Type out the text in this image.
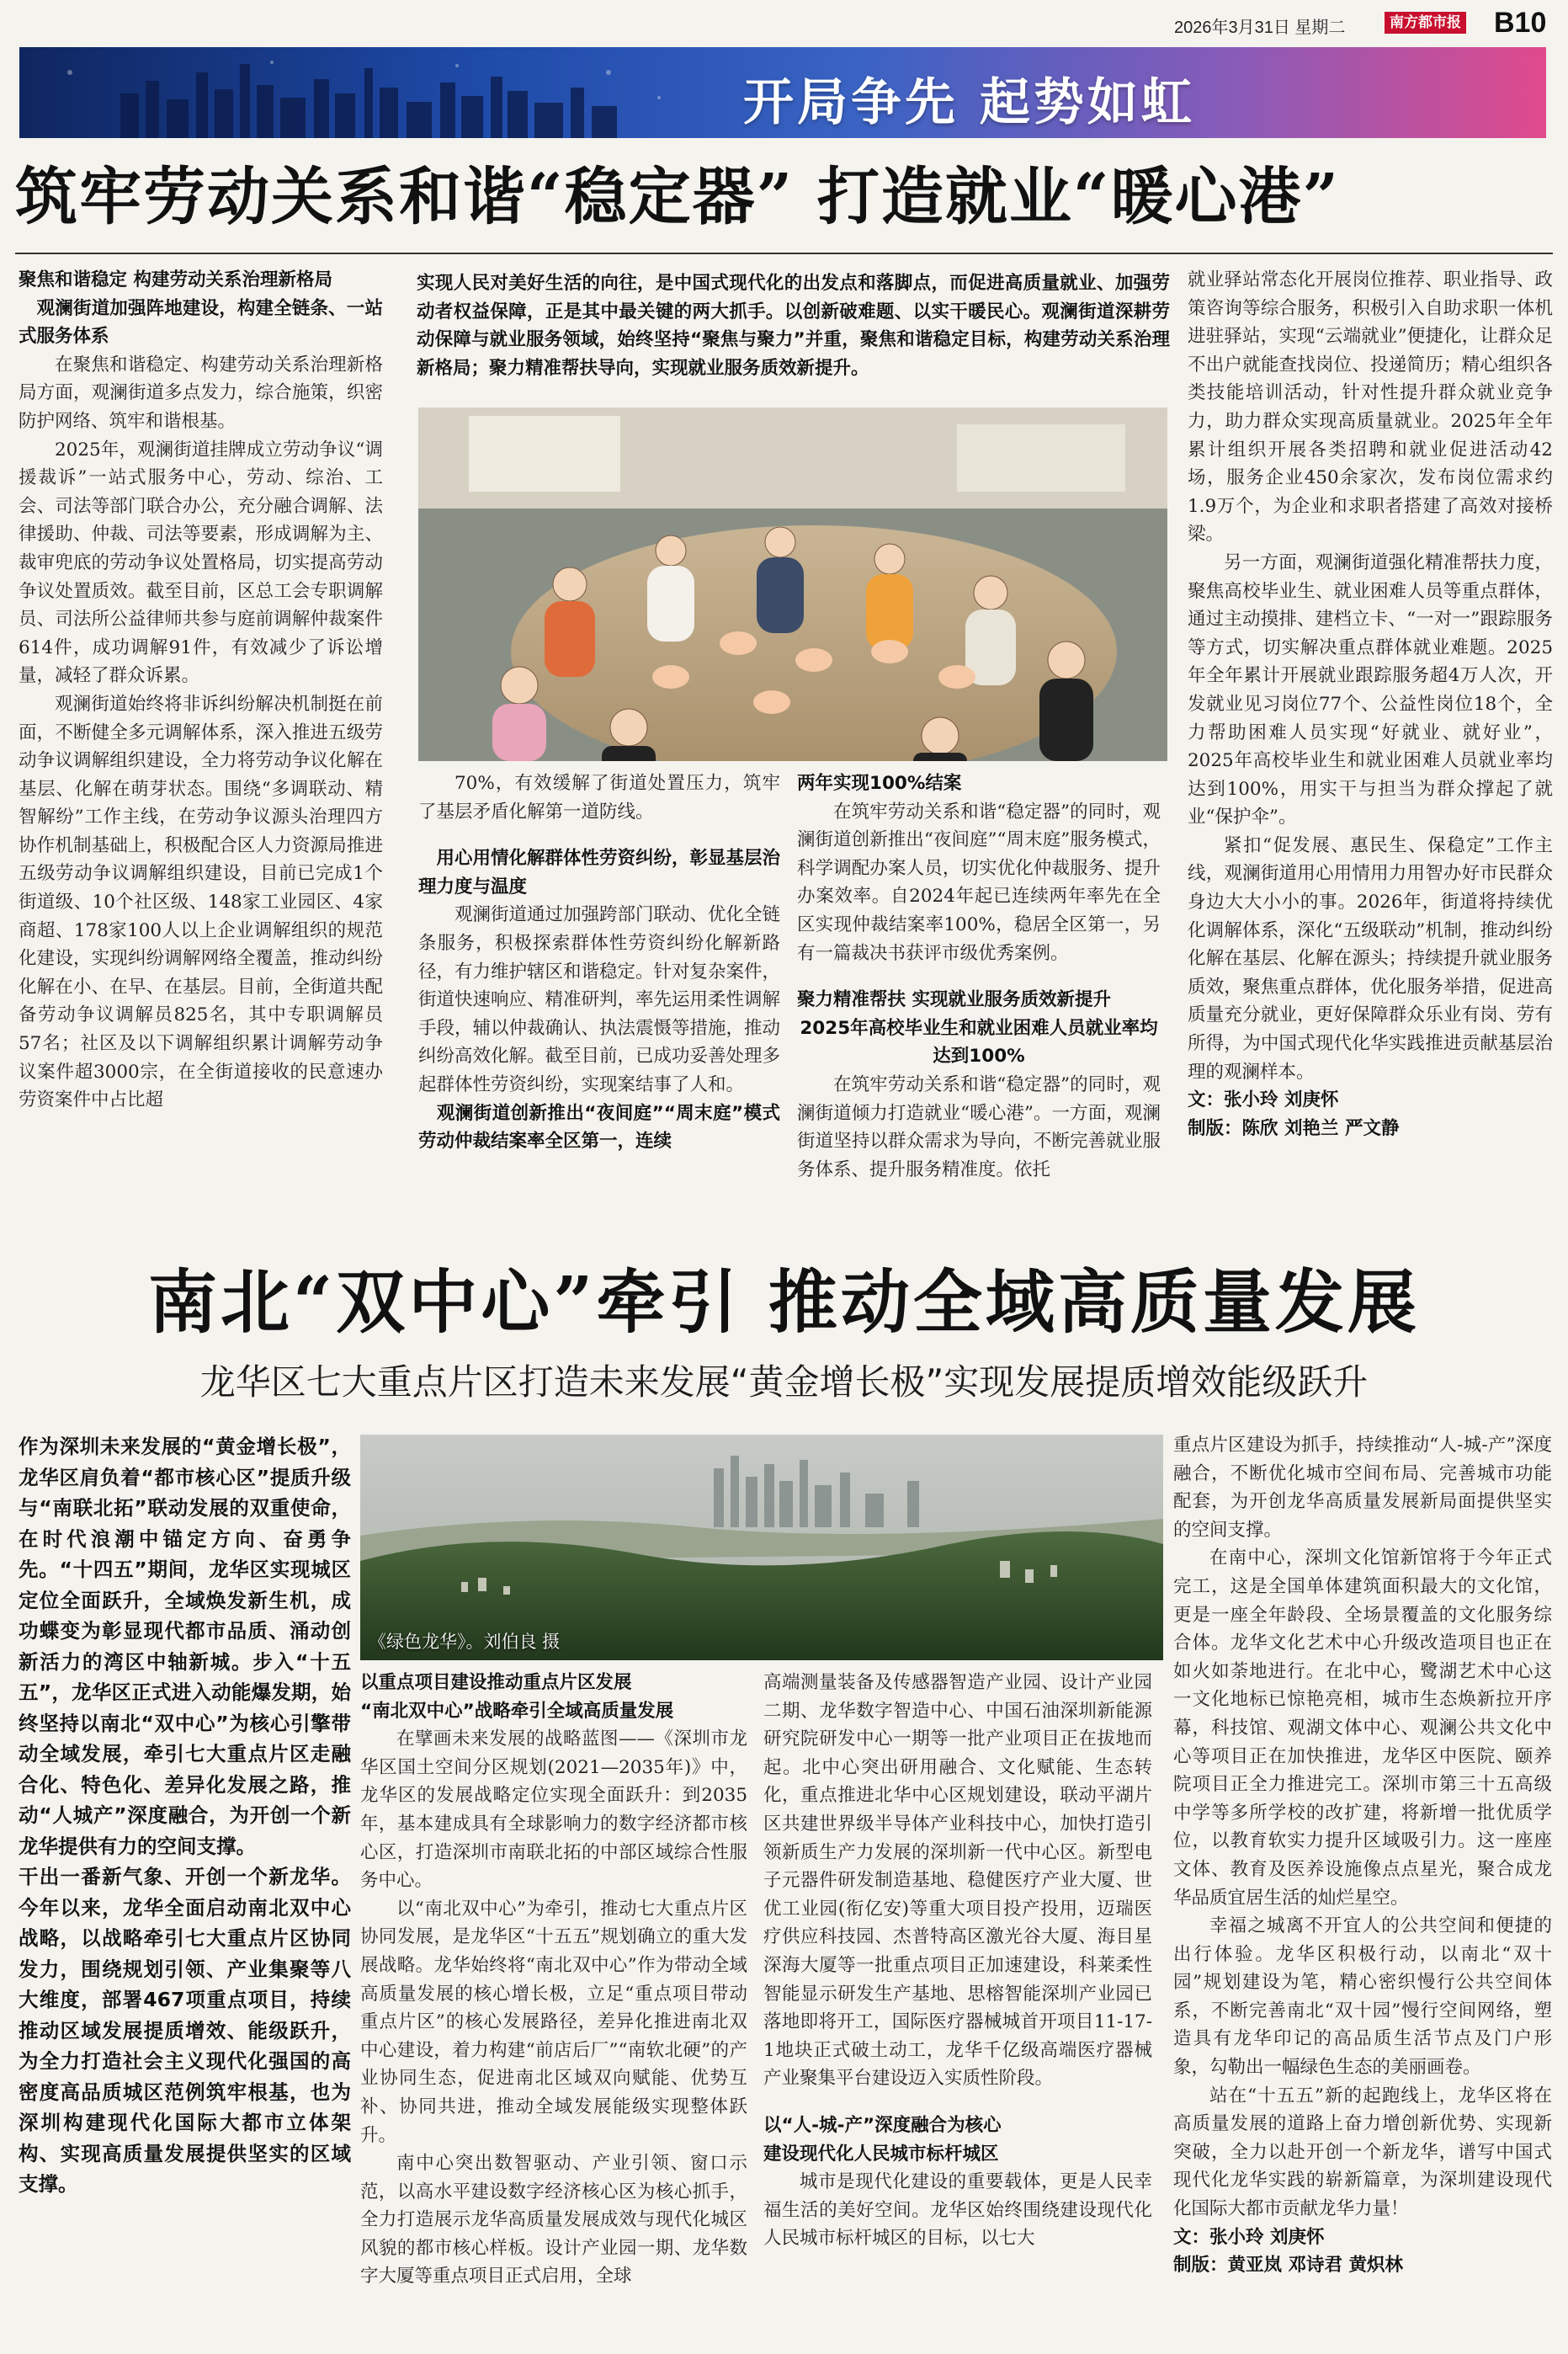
2026年3月31日 星期二	南方都市报 B10
开局争先 起势如虹
筑牢劳动关系和谐“稳定器” 打造就业“暖心港”

聚焦和谐稳定 构建劳动关系治理新格局

　观澜街道加强阵地建设，构建全链条、一站式服务体系

在聚焦和谐稳定、构建劳动关系治理新格局方面，观澜街道多点发力，综合施策，织密防护网络、筑牢和谐根基。

2025年，观澜街道挂牌成立劳动争议“调援裁诉”一站式服务中心，劳动、综治、工会、司法等部门联合办公，充分融合调解、法律援助、仲裁、司法等要素，形成调解为主、裁审兜底的劳动争议处置格局，切实提高劳动争议处置质效。截至目前，区总工会专职调解员、司法所公益律师共参与庭前调解仲裁案件614件，成功调解91件，有效减少了诉讼增量，减轻了群众诉累。

观澜街道始终将非诉纠纷解决机制挺在前面，不断健全多元调解体系，深入推进五级劳动争议调解组织建设，全力将劳动争议化解在基层、化解在萌芽状态。围绕“多调联动、精智解纷”工作主线，在劳动争议源头治理四方协作机制基础上，积极配合区人力资源局推进五级劳动争议调解组织建设，目前已完成1个街道级、10个社区级、148家工业园区、4家商超、178家100人以上企业调解组织的规范化建设，实现纠纷调解网络全覆盖，推动纠纷化解在小、在早、在基层。目前，全街道共配备劳动争议调解员825名，其中专职调解员57名；社区及以下调解组织累计调解劳动争议案件超3000宗，在全街道接收的民意速办劳资案件中占比超

实现人民对美好生活的向往，是中国式现代化的出发点和落脚点，而促进高质量就业、加强劳动者权益保障，正是其中最关键的两大抓手。以创新破难题、以实干暖民心。观澜街道深耕劳动保障与就业服务领域，始终坚持“聚焦与聚力”并重，聚焦和谐稳定目标，构建劳动关系治理新格局；聚力精准帮扶导向，实现就业服务质效新提升。

70%，有效缓解了街道处置压力，筑牢了基层矛盾化解第一道防线。

　用心用情化解群体性劳资纠纷，彰显基层治理力度与温度

观澜街道通过加强跨部门联动、优化全链条服务，积极探索群体性劳资纠纷化解新路径，有力维护辖区和谐稳定。针对复杂案件，街道快速响应、精准研判，率先运用柔性调解手段，辅以仲裁确认、执法震慑等措施，推动纠纷高效化解。截至目前，已成功妥善处理多起群体性劳资纠纷，实现案结事了人和。

　观澜街道创新推出“夜间庭”“周末庭”模式劳动仲裁结案率全区第一，连续

两年实现100%结案

在筑牢劳动关系和谐“稳定器”的同时，观澜街道创新推出“夜间庭”“周末庭”服务模式，科学调配办案人员，切实优化仲裁服务、提升办案效率。自2024年起已连续两年率先在全区实现仲裁结案率100%，稳居全区第一，另有一篇裁决书获评市级优秀案例。

聚力精准帮扶 实现就业服务质效新提升

2025年高校毕业生和就业困难人员就业率均达到100%

在筑牢劳动关系和谐“稳定器”的同时，观澜街道倾力打造就业“暖心港”。一方面，观澜街道坚持以群众需求为导向，不断完善就业服务体系、提升服务精准度。依托

就业驿站常态化开展岗位推荐、职业指导、政策咨询等综合服务，积极引入自助求职一体机进驻驿站，实现“云端就业”便捷化，让群众足不出户就能查找岗位、投递简历；精心组织各类技能培训活动，针对性提升群众就业竞争力，助力群众实现高质量就业。2025年全年累计组织开展各类招聘和就业促进活动42场，服务企业450余家次，发布岗位需求约1.9万个，为企业和求职者搭建了高效对接桥梁。

另一方面，观澜街道强化精准帮扶力度，聚焦高校毕业生、就业困难人员等重点群体，通过主动摸排、建档立卡、“一对一”跟踪服务等方式，切实解决重点群体就业难题。2025年全年累计开展就业跟踪服务超4万人次，开发就业见习岗位77个、公益性岗位18个，全力帮助困难人员实现“好就业、就好业”，2025年高校毕业生和就业困难人员就业率均达到100%，用实干与担当为群众撑起了就业“保护伞”。

紧扣“促发展、惠民生、保稳定”工作主线，观澜街道用心用情用力用智办好市民群众身边大大小小的事。2026年，街道将持续优化调解体系，深化“五级联动”机制，推动纠纷化解在基层、化解在源头；持续提升就业服务质效，聚焦重点群体，优化服务举措，促进高质量充分就业，更好保障群众乐业有岗、劳有所得，为中国式现代化华实践推进贡献基层治理的观澜样本。

文：张小玲 刘庚怀

制版：陈欣 刘艳兰 严文静

南北“双中心”牵引 推动全域高质量发展
龙华区七大重点片区打造未来发展“黄金增长极”实现发展提质增效能级跃升

作为深圳未来发展的“黄金增长极”，龙华区肩负着“都市核心区”提质升级与“南联北拓”联动发展的双重使命，在时代浪潮中锚定方向、奋勇争先。“十四五”期间，龙华区实现城区定位全面跃升，全域焕发新生机，成功蝶变为彰显现代都市品质、涌动创新活力的湾区中轴新城。步入“十五五”，龙华区正式进入动能爆发期，始终坚持以南北“双中心”为核心引擎带动全域发展，牵引七大重点片区走融合化、特色化、差异化发展之路，推动“人城产”深度融合，为开创一个新龙华提供有力的空间支撑。

干出一番新气象、开创一个新龙华。今年以来，龙华全面启动南北双中心战略，以战略牵引七大重点片区协同发力，围绕规划引领、产业集聚等八大维度，部署467项重点项目，持续推动区域发展提质增效、能级跃升，为全力打造社会主义现代化强国的高密度高品质城区范例筑牢根基，也为深圳构建现代化国际大都市立体架构、实现高质量发展提供坚实的区域支撑。

《绿色龙华》。刘伯良 摄

以重点项目建设推动重点片区发展

“南北双中心”战略牵引全域高质量发展

在擘画未来发展的战略蓝图——《深圳市龙华区国土空间分区规划(2021—2035年)》中，龙华区的发展战略定位实现全面跃升：到2035年，基本建成具有全球影响力的数字经济都市核心区，打造深圳市南联北拓的中部区域综合性服务中心。

以“南北双中心”为牵引，推动七大重点片区协同发展，是龙华区“十五五”规划确立的重大发展战略。龙华始终将“南北双中心”作为带动全域高质量发展的核心增长极，立足“重点项目带动重点片区”的核心发展路径，差异化推进南北双中心建设，着力构建“前店后厂”“南软北硬”的产业协同生态，促进南北区域双向赋能、优势互补、协同共进，推动全域发展能级实现整体跃升。

南中心突出数智驱动、产业引领、窗口示范，以高水平建设数字经济核心区为核心抓手，全力打造展示龙华高质量发展成效与现代化城区风貌的都市核心样板。设计产业园一期、龙华数字大厦等重点项目正式启用，全球

高端测量装备及传感器智造产业园、设计产业园二期、龙华数字智造中心、中国石油深圳新能源研究院研发中心一期等一批产业项目正在拔地而起。北中心突出研用融合、文化赋能、生态转化，重点推进北华中心区规划建设，联动平湖片区共建世界级半导体产业科技中心，加快打造引领新质生产力发展的深圳新一代中心区。新型电子元器件研发制造基地、稳健医疗产业大厦、世优工业园(衔亿安)等重大项目投产投用，迈瑞医疗供应科技园、杰普特高区激光谷大厦、海目星深海大厦等一批重点项目正加速建设，科莱柔性智能显示研发生产基地、思榕智能深圳产业园已落地即将开工，国际医疗器械城首开项目11-17-1地块正式破土动工，龙华千亿级高端医疗器械产业聚集平台建设迈入实质性阶段。

以“人-城-产”深度融合为核心

建设现代化人民城市标杆城区

城市是现代化建设的重要载体，更是人民幸福生活的美好空间。龙华区始终围绕建设现代化人民城市标杆城区的目标，以七大

重点片区建设为抓手，持续推动“人-城-产”深度融合，不断优化城市空间布局、完善城市功能配套，为开创龙华高质量发展新局面提供坚实的空间支撑。

在南中心，深圳文化馆新馆将于今年正式完工，这是全国单体建筑面积最大的文化馆，更是一座全年龄段、全场景覆盖的文化服务综合体。龙华文化艺术中心升级改造项目也正在如火如荼地进行。在北中心，鹭湖艺术中心这一文化地标已惊艳亮相，城市生态焕新拉开序幕，科技馆、观湖文体中心、观澜公共文化中心等项目正在加快推进，龙华区中医院、颐养院项目正全力推进完工。深圳市第三十五高级中学等多所学校的改扩建，将新增一批优质学位，以教育软实力提升区域吸引力。这一座座文体、教育及医养设施像点点星光，聚合成龙华品质宜居生活的灿烂星空。

幸福之城离不开宜人的公共空间和便捷的出行体验。龙华区积极行动，以南北“双十园”规划建设为笔，精心密织慢行公共空间体系，不断完善南北“双十园”慢行空间网络，塑造具有龙华印记的高品质生活节点及门户形象，勾勒出一幅绿色生态的美丽画卷。

站在“十五五”新的起跑线上，龙华区将在高质量发展的道路上奋力增创新优势、实现新突破，全力以赴开创一个新龙华，谱写中国式现代化龙华实践的崭新篇章，为深圳建设现代化国际大都市贡献龙华力量！

文：张小玲 刘庚怀

制版：黄亚岚 邓诗君 黄炽林
